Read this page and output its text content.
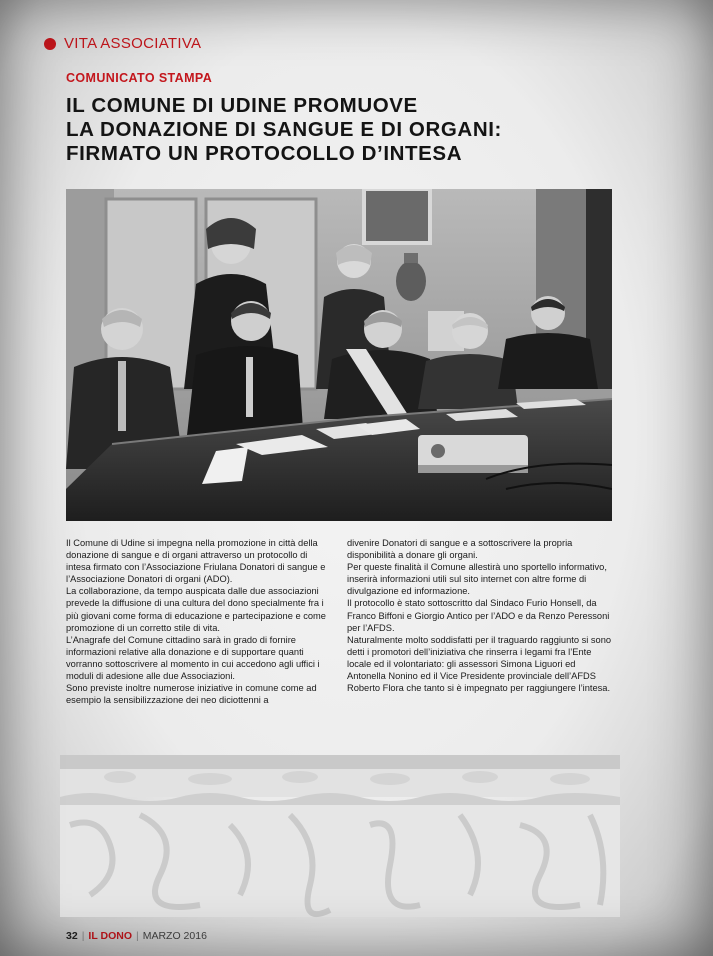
VITA ASSOCIATIVA
COMUNICATO STAMPA
IL COMUNE DI UDINE PROMUOVE
LA DONAZIONE DI SANGUE E DI ORGANI:
FIRMATO UN PROTOCOLLO D’INTESA

Il Comune di Udine si impegna nella promozione in città della donazione di sangue e di organi attraverso un protocollo di intesa firmato con l’Associazione Friulana Donatori di sangue e l’Associazione Donatori di organi (ADO).

La collaborazione, da tempo auspicata dalle due associazioni prevede la diffusione di una cultura del dono specialmente fra i più giovani come forma di educazione e partecipazione e come promozione di un corretto stile di vita.

L’Anagrafe del Comune cittadino sarà in grado di fornire informazioni relative alla donazione e di supportare quanti vorranno sottoscrivere al momento in cui accedono agli uffici i moduli di adesione alle due Associazioni.

Sono previste inoltre numerose iniziative in comune come ad esempio la sensibilizzazione dei neo diciottenni a

divenire Donatori di sangue e a sottoscrivere la propria disponibilità a donare gli organi.

Per queste finalità il Comune allestirà uno sportello informativo, inserirà informazioni utili sul sito internet con altre forme di divulgazione ed informazione.

Il protocollo è stato sottoscritto dal Sindaco Furio Honsell, da Franco Biffoni e Giorgio Antico per l’ADO e da Renzo Peressoni per l’AFDS.

Naturalmente molto soddisfatti per il traguardo raggiunto si sono detti i promotori dell’iniziativa che rinserra i legami fra l’Ente locale ed il volontariato: gli assessori Simona Liguori ed Antonella Nonino ed il Vice Presidente provinciale dell’AFDS Roberto Flora che tanto si è impegnato per raggiungere l’intesa.

32 | IL DONO | MARZO 2016
